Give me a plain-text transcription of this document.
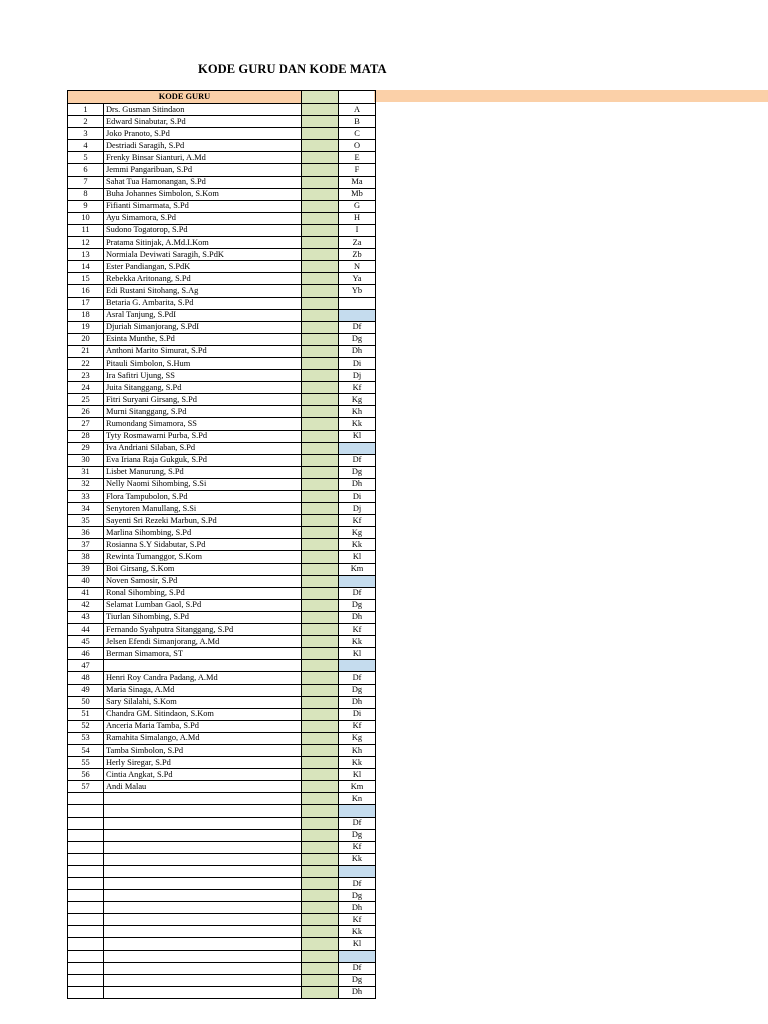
KODE GURU DAN KODE MATA
KODE GURU			
1	Drs. Gusman Sitindaon		A
2	Edward Sinabutar, S.Pd		B
3	Joko Pranoto, S.Pd		C
4	Destriadi Saragih, S.Pd		O
5	Frenky Binsar Sianturi, A.Md		E
6	Jemmi Pangaribuan, S.Pd		F
7	Sahat Tua Hamonangan, S.Pd		Ma
8	Buha Johannes Simbolon, S.Kom		Mb
9	Fifianti Simarmata, S.Pd		G
10	Ayu Simamora, S.Pd		H
11	Sudono Togatorop, S.Pd		I
12	Pratama Sitinjak, A.Md.I.Kom		Za
13	Normiala Deviwati Saragih, S.PdK		Zb
14	Ester Pandiangan, S.PdK		N
15	Rebekka Aritonang, S.Pd		Ya
16	Edi Rustani Sitohang, S.Ag		Yb
17	Betaria G. Ambarita, S.Pd		
18	Asral Tanjung, S.PdI		
19	Djuriah Simanjorang, S.PdI		Df
20	Esinta Munthe, S.Pd		Dg
21	Anthoni Marito Simurat, S.Pd		Dh
22	Pitauli Simbolon, S.Hum		Di
23	Ira Safitri Ujung, SS		Dj
24	Juita Sitanggang, S.Pd		Kf
25	Fitri Suryani Girsang, S.Pd		Kg
26	Murni Sitanggang, S.Pd		Kh
27	Rumondang Simamora, SS		Kk
28	Tyty Rosmawarni Purba, S.Pd		Kl
29	Iva Andriani Silaban, S.Pd		
30	Eva Iriana Raja Gukguk, S.Pd		Df
31	Lisbet Manurung, S.Pd		Dg
32	Nelly Naomi Sihombing, S.Si		Dh
33	Flora Tampubolon, S.Pd		Di
34	Senytoren Manullang, S.Si		Dj
35	Sayenti Sri Rezeki Marbun, S.Pd		Kf
36	Marlina Sihombing, S.Pd		Kg
37	Rosianna S.Y Sidabutar, S.Pd		Kk
38	Rewinta Tumanggor, S.Kom		Kl
39	Boi Girsang, S.Kom		Km
40	Noven Samosir, S.Pd		
41	Ronal Sihombing, S.Pd		Df
42	Selamat Lumban Gaol, S.Pd		Dg
43	Tiurlan Sihombing, S.Pd		Dh
44	Fernando Syahputra Sitanggang, S.Pd		Kf
45	Jelsen Efendi Simanjorang, A.Md		Kk
46	Berman Simamora, ST		Kl
47			
48	Henri Roy Candra Padang, A.Md		Df
49	Maria Sinaga, A.Md		Dg
50	Sary Silalahi, S.Kom		Dh
51	Chandra GM. Sitindaon, S.Kom		Di
52	Anceria Maria Tamba, S.Pd		Kf
53	Ramahita Simalango, A.Md		Kg
54	Tamba Simbolon, S.Pd		Kh
55	Herly Siregar, S.Pd		Kk
56	Cintia Angkat, S.Pd		Kl
57	Andi Malau		Km
			Kn

			Df
			Dg
			Kf
			Kk

			Df
			Dg
			Dh
			Kf
			Kk
			Kl

			Df
			Dg
			Dh
